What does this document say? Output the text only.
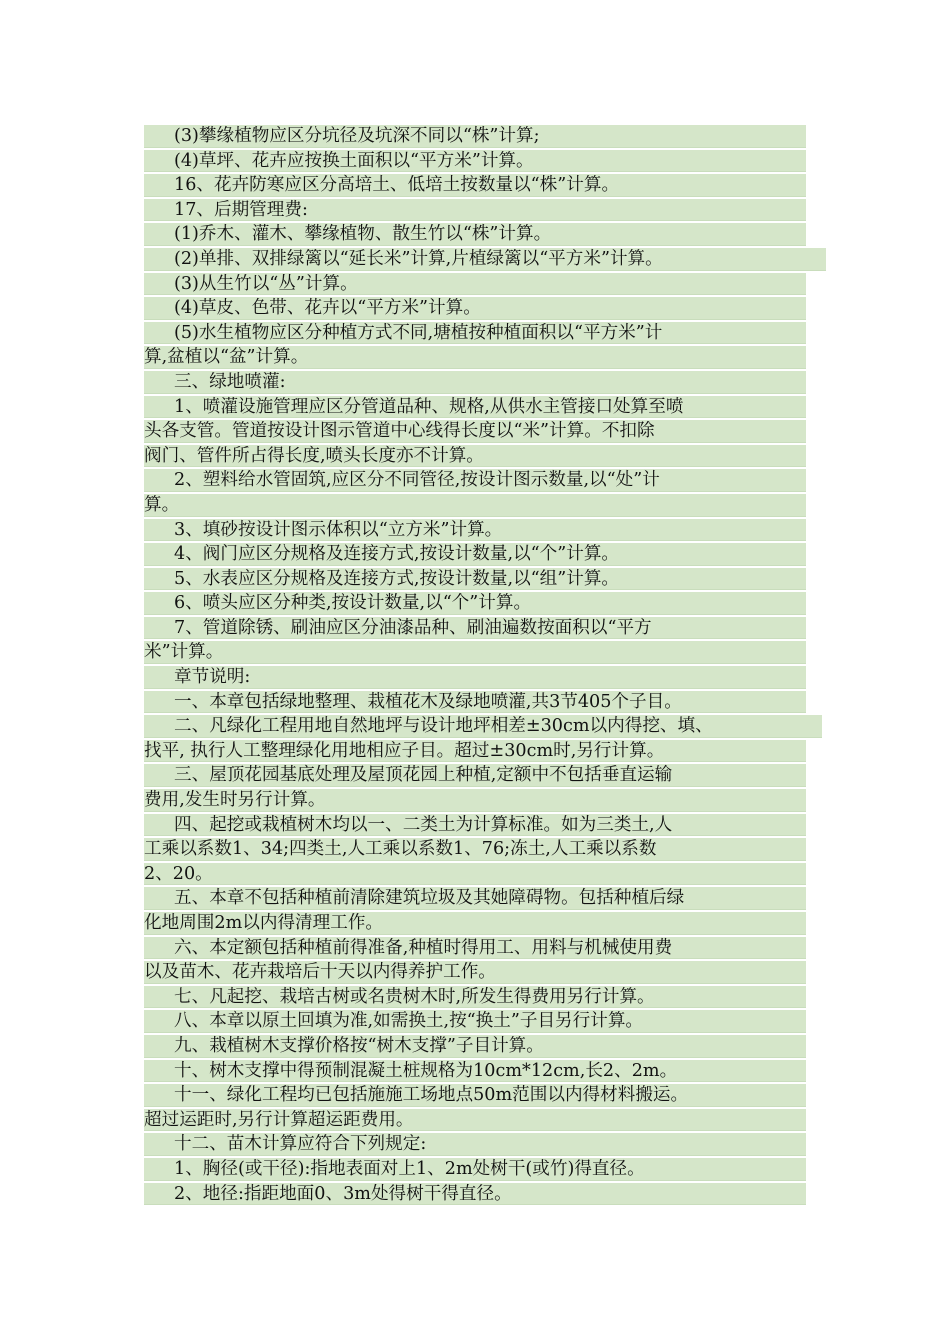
(3)攀缘植物应区分坑径及坑深不同以“株”计算;
(4)草坪、花卉应按换土面积以“平方米”计算。
16、花卉防寒应区分高培土、低培土按数量以“株”计算。
17、后期管理费:
(1)乔木、灌木、攀缘植物、散生竹以“株”计算。
(2)单排、双排绿篱以“延长米”计算,片植绿篱以“平方米”计算。
(3)从生竹以“丛”计算。
(4)草皮、色带、花卉以“平方米”计算。
(5)水生植物应区分种植方式不同,塘植按种植面积以“平方米”计
算,盆植以“盆”计算。
三、绿地喷灌:
1、喷灌设施管理应区分管道品种、规格,从供水主管接口处算至喷
头各支管。管道按设计图示管道中心线得长度以“米”计算。不扣除
阀门、管件所占得长度,喷头长度亦不计算。
2、塑料给水管固筑,应区分不同管径,按设计图示数量,以“处”计
算。
3、填砂按设计图示体积以“立方米”计算。
4、阀门应区分规格及连接方式,按设计数量,以“个”计算。
5、水表应区分规格及连接方式,按设计数量,以“组”计算。
6、喷头应区分种类,按设计数量,以“个”计算。
7、管道除锈、刷油应区分油漆品种、刷油遍数按面积以“平方
米”计算。
章节说明:
一、本章包括绿地整理、栽植花木及绿地喷灌,共3节405个子目。
二、凡绿化工程用地自然地坪与设计地坪相差±30cm以内得挖、填、
找平, 执行人工整理绿化用地相应子目。超过±30cm时,另行计算。
三、屋顶花园基底处理及屋顶花园上种植,定额中不包括垂直运输
费用,发生时另行计算。
四、起挖或栽植树木均以一、二类土为计算标准。如为三类土,人
工乘以系数1、34;四类土,人工乘以系数1、76;冻土,人工乘以系数
2、20。
五、本章不包括种植前清除建筑垃圾及其她障碍物。包括种植后绿
化地周围2m以内得清理工作。
六、本定额包括种植前得准备,种植时得用工、用料与机械使用费
以及苗木、花卉栽培后十天以内得养护工作。
七、凡起挖、栽培古树或名贵树木时,所发生得费用另行计算。
八、本章以原土回填为准,如需换土,按“换土”子目另行计算。
九、栽植树木支撑价格按“树木支撑”子目计算。
十、树木支撑中得预制混凝土桩规格为10cm*12cm,长2、2m。
十一、绿化工程均已包括施施工场地点50m范围以内得材料搬运。
超过运距时,另行计算超运距费用。
十二、苗木计算应符合下列规定:
1、胸径(或干径):指地表面对上1、2m处树干(或竹)得直径。
2、地径:指距地面0、3m处得树干得直径。
